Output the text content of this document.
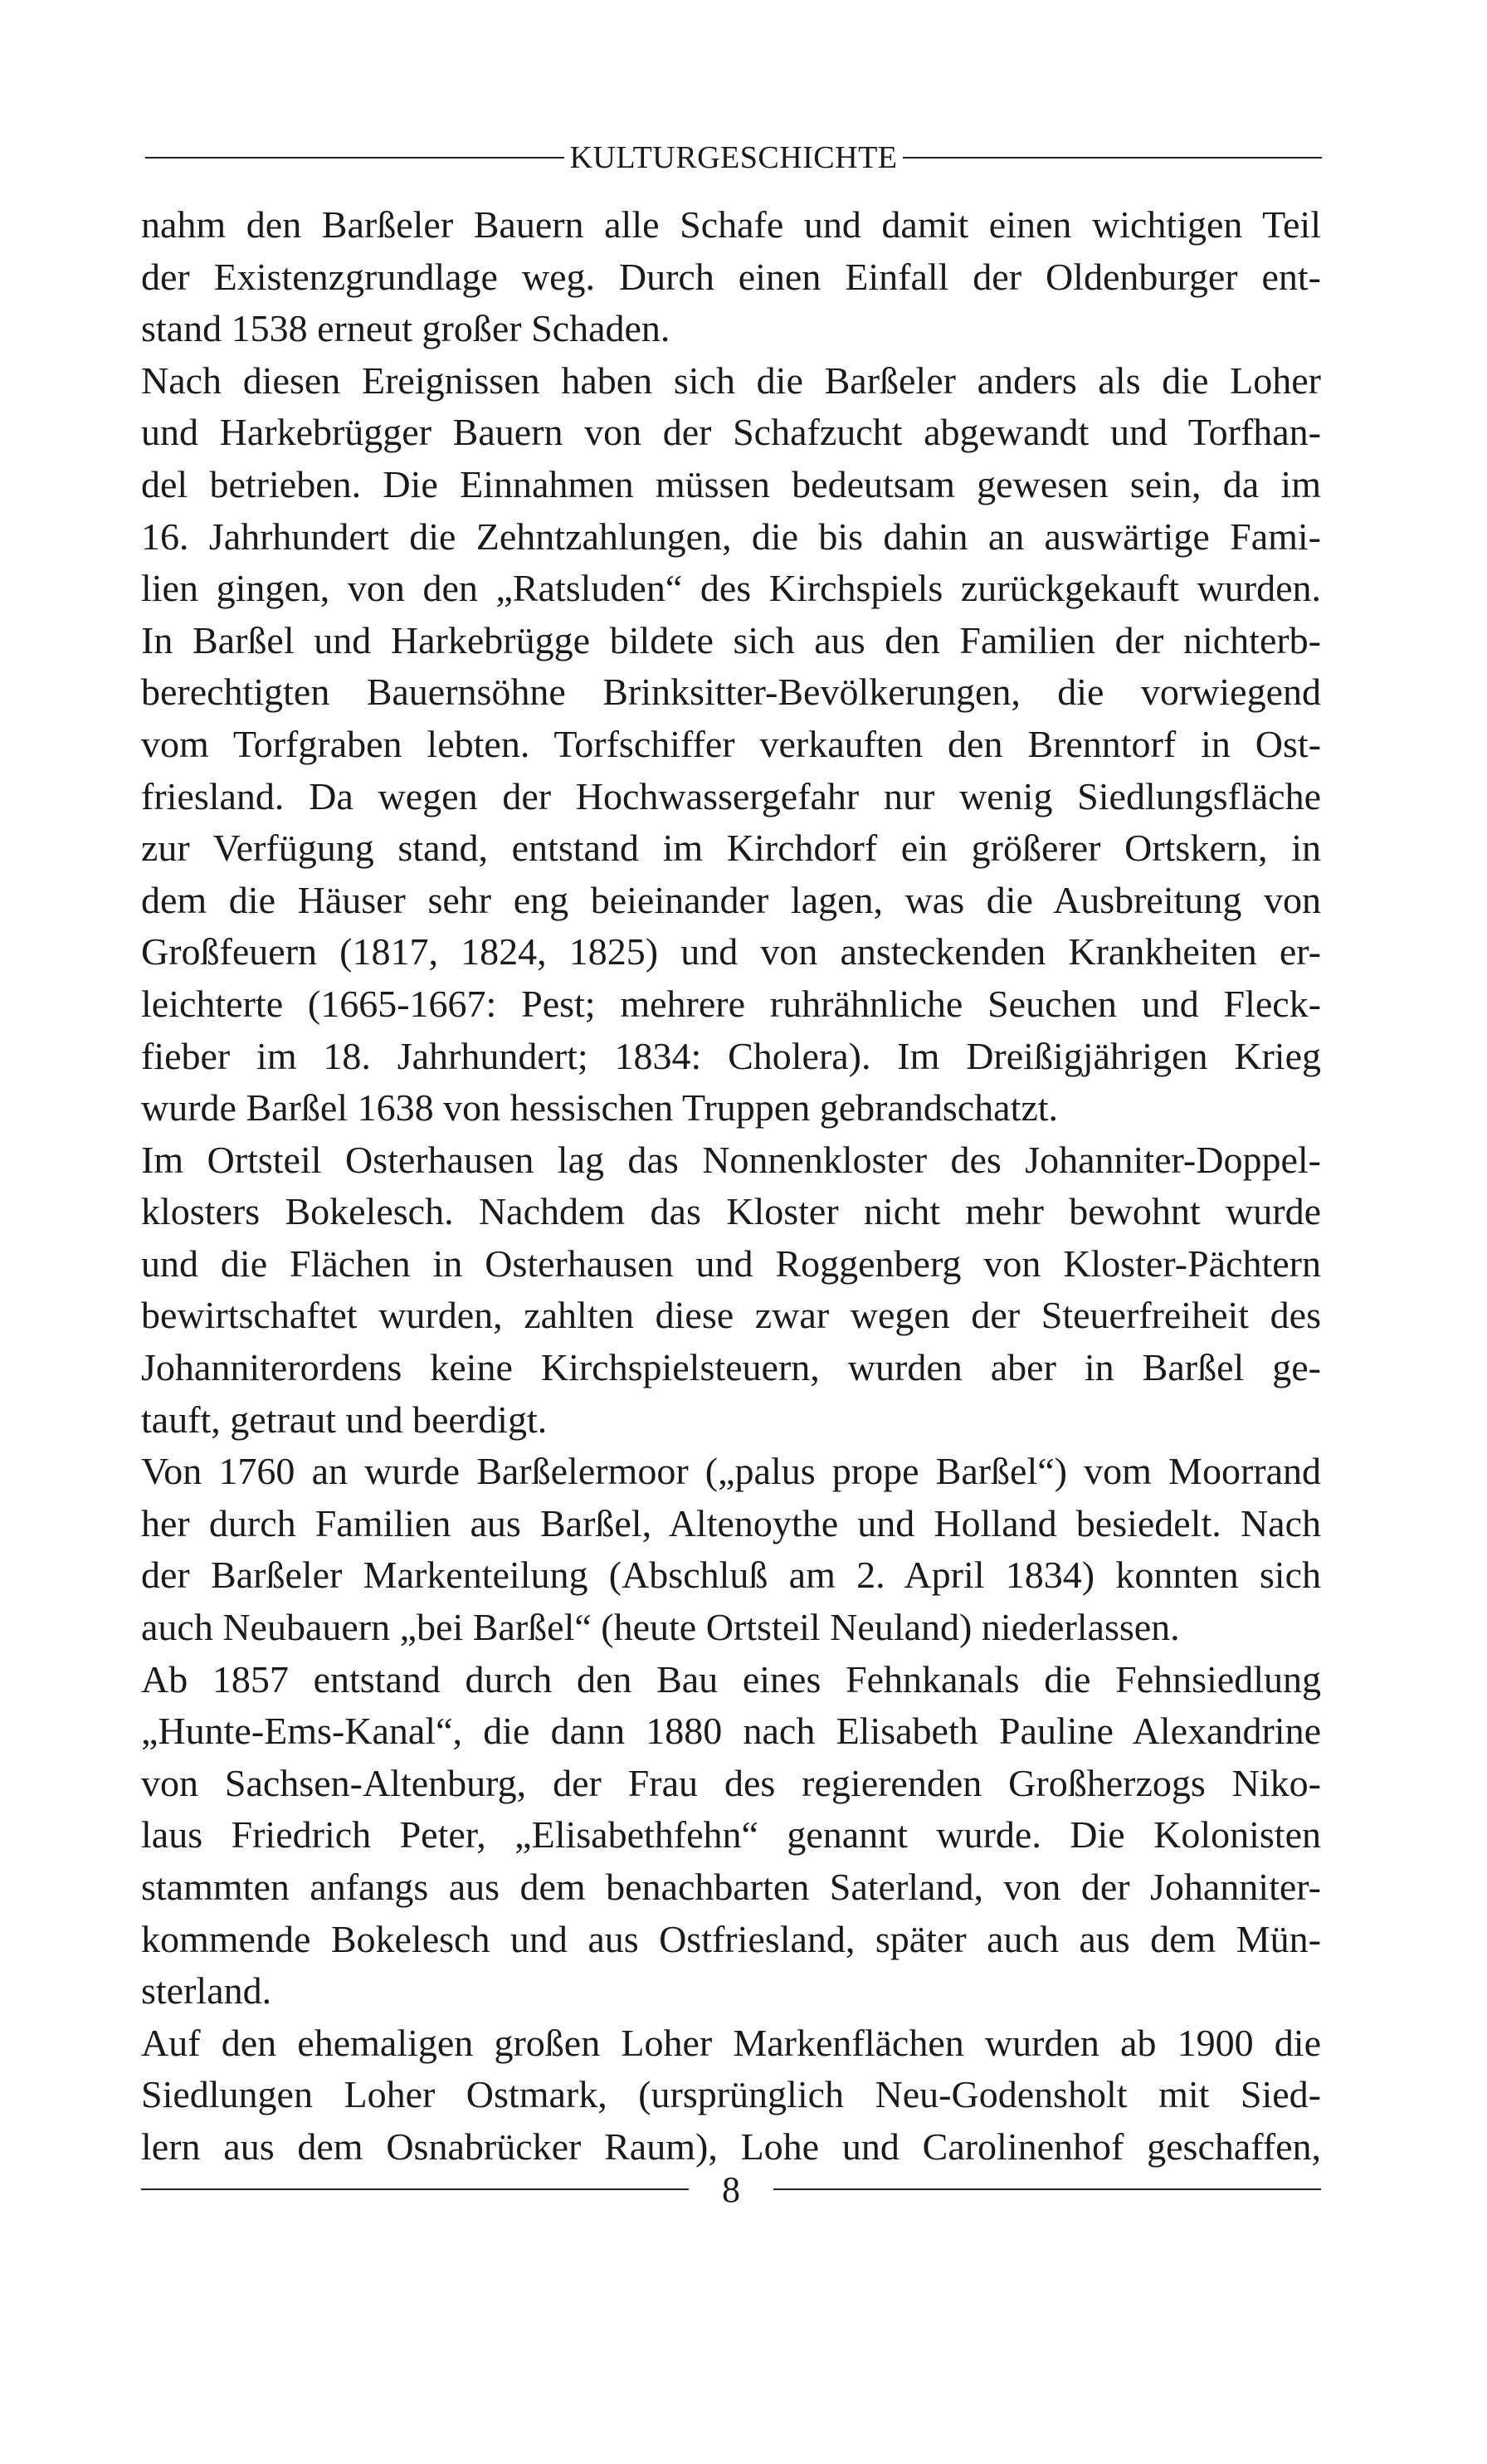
KULTURGESCHICHTE
nahm den Barßeler Bauern alle Schafe und damit einen wichtigen Teil
der Existenzgrundlage weg. Durch einen Einfall der Oldenburger ent-
stand 1538 erneut großer Schaden.
Nach diesen Ereignissen haben sich die Barßeler anders als die Loher
und Harkebrügger Bauern von der Schafzucht abgewandt und Torfhan-
del betrieben. Die Einnahmen müssen bedeutsam gewesen sein, da im
16. Jahrhundert die Zehntzahlungen, die bis dahin an auswärtige Fami-
lien gingen, von den „Ratsluden“ des Kirchspiels zurückgekauft wurden.
In Barßel und Harkebrügge bildete sich aus den Familien der nichterb-
berechtigten Bauernsöhne Brinksitter-Bevölkerungen, die vorwiegend
vom Torfgraben lebten. Torfschiffer verkauften den Brenntorf in Ost-
friesland. Da wegen der Hochwassergefahr nur wenig Siedlungsfläche
zur Verfügung stand, entstand im Kirchdorf ein größerer Ortskern, in
dem die Häuser sehr eng beieinander lagen, was die Ausbreitung von
Großfeuern (1817, 1824, 1825) und von ansteckenden Krankheiten er-
leichterte (1665-1667: Pest; mehrere ruhrähnliche Seuchen und Fleck-
fieber im 18. Jahrhundert; 1834: Cholera). Im Dreißigjährigen Krieg
wurde Barßel 1638 von hessischen Truppen gebrandschatzt.
Im Ortsteil Osterhausen lag das Nonnenkloster des Johanniter-Doppel-
klosters Bokelesch. Nachdem das Kloster nicht mehr bewohnt wurde
und die Flächen in Osterhausen und Roggenberg von Kloster-Pächtern
bewirtschaftet wurden, zahlten diese zwar wegen der Steuerfreiheit des
Johanniterordens keine Kirchspielsteuern, wurden aber in Barßel ge-
tauft, getraut und beerdigt.
Von 1760 an wurde Barßelermoor („palus prope Barßel“) vom Moorrand
her durch Familien aus Barßel, Altenoythe und Holland besiedelt. Nach
der Barßeler Markenteilung (Abschluß am 2. April 1834) konnten sich
auch Neubauern „bei Barßel“ (heute Ortsteil Neuland) niederlassen.
Ab 1857 entstand durch den Bau eines Fehnkanals die Fehnsiedlung
„Hunte-Ems-Kanal“, die dann 1880 nach Elisabeth Pauline Alexandrine
von Sachsen-Altenburg, der Frau des regierenden Großherzogs Niko-
laus Friedrich Peter, „Elisabethfehn“ genannt wurde. Die Kolonisten
stammten anfangs aus dem benachbarten Saterland, von der Johanniter-
kommende Bokelesch und aus Ostfriesland, später auch aus dem Mün-
sterland.
Auf den ehemaligen großen Loher Markenflächen wurden ab 1900 die
Siedlungen Loher Ostmark, (ursprünglich Neu-Godensholt mit Sied-
lern aus dem Osnabrücker Raum), Lohe und Carolinenhof geschaffen,
8
